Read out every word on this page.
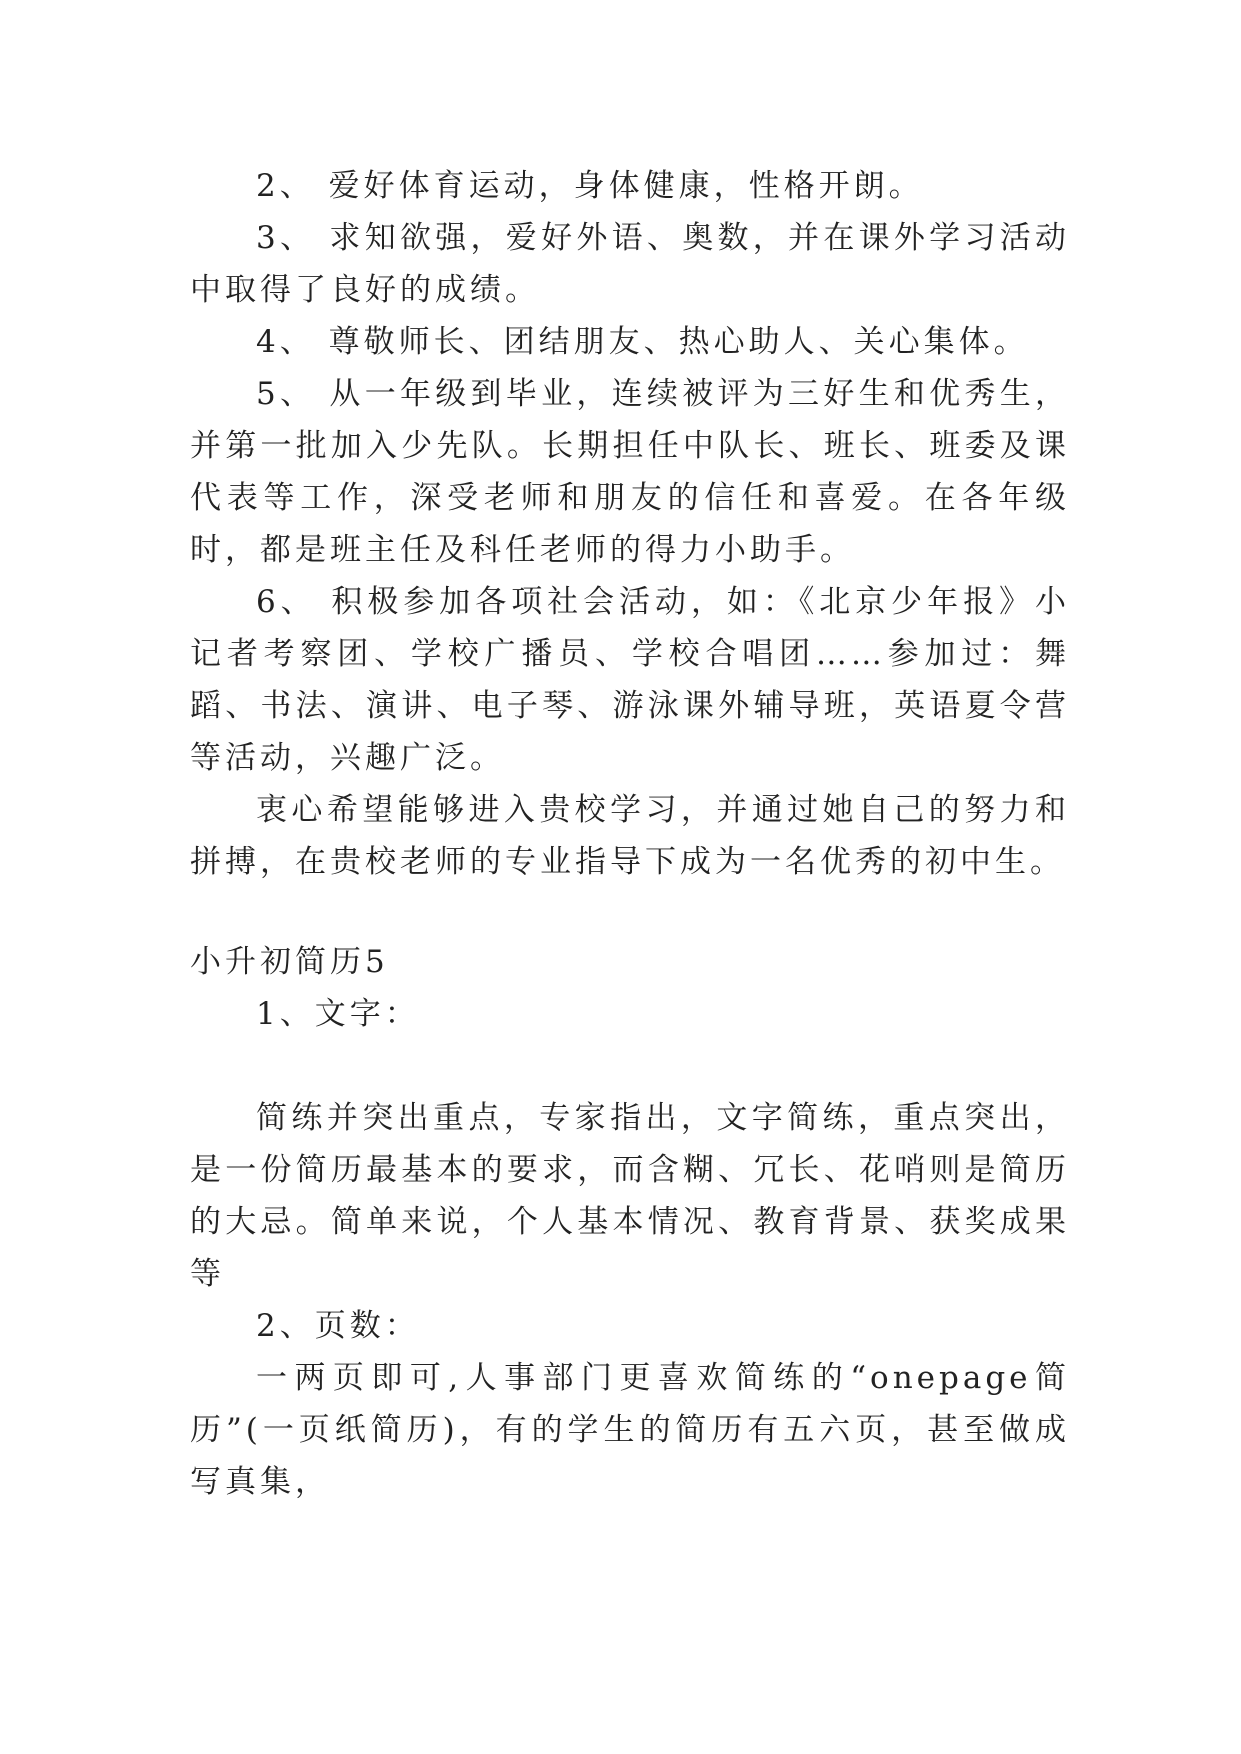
2、 爱好体育运动，身体健康，性格开朗。

3、 求知欲强，爱好外语、奥数，并在课外学习活动中取得了良好的成绩。

4、 尊敬师长、团结朋友、热心助人、关心集体。

5、 从一年级到毕业，连续被评为三好生和优秀生，并第一批加入少先队。长期担任中队长、班长、班委及课代表等工作，深受老师和朋友的信任和喜爱。在各年级时，都是班主任及科任老师的得力小助手。

6、 积极参加各项社会活动，如：《北京少年报》小记者考察团、学校广播员、学校合唱团……参加过：舞蹈、书法、演讲、电子琴、游泳课外辅导班，英语夏令营等活动，兴趣广泛。

衷心希望能够进入贵校学习，并通过她自己的努力和拼搏，在贵校老师的专业指导下成为一名优秀的初中生。

小升初简历5

1、文字：

简练并突出重点，专家指出，文字简练，重点突出，是一份简历最基本的要求，而含糊、冗长、花哨则是简历的大忌。简单来说，个人基本情况、教育背景、获奖成果等

2、页数：

一两页即可,人事部门更喜欢简练的“onepage简历”(一页纸简历)，有的学生的简历有五六页，甚至做成写真集，
